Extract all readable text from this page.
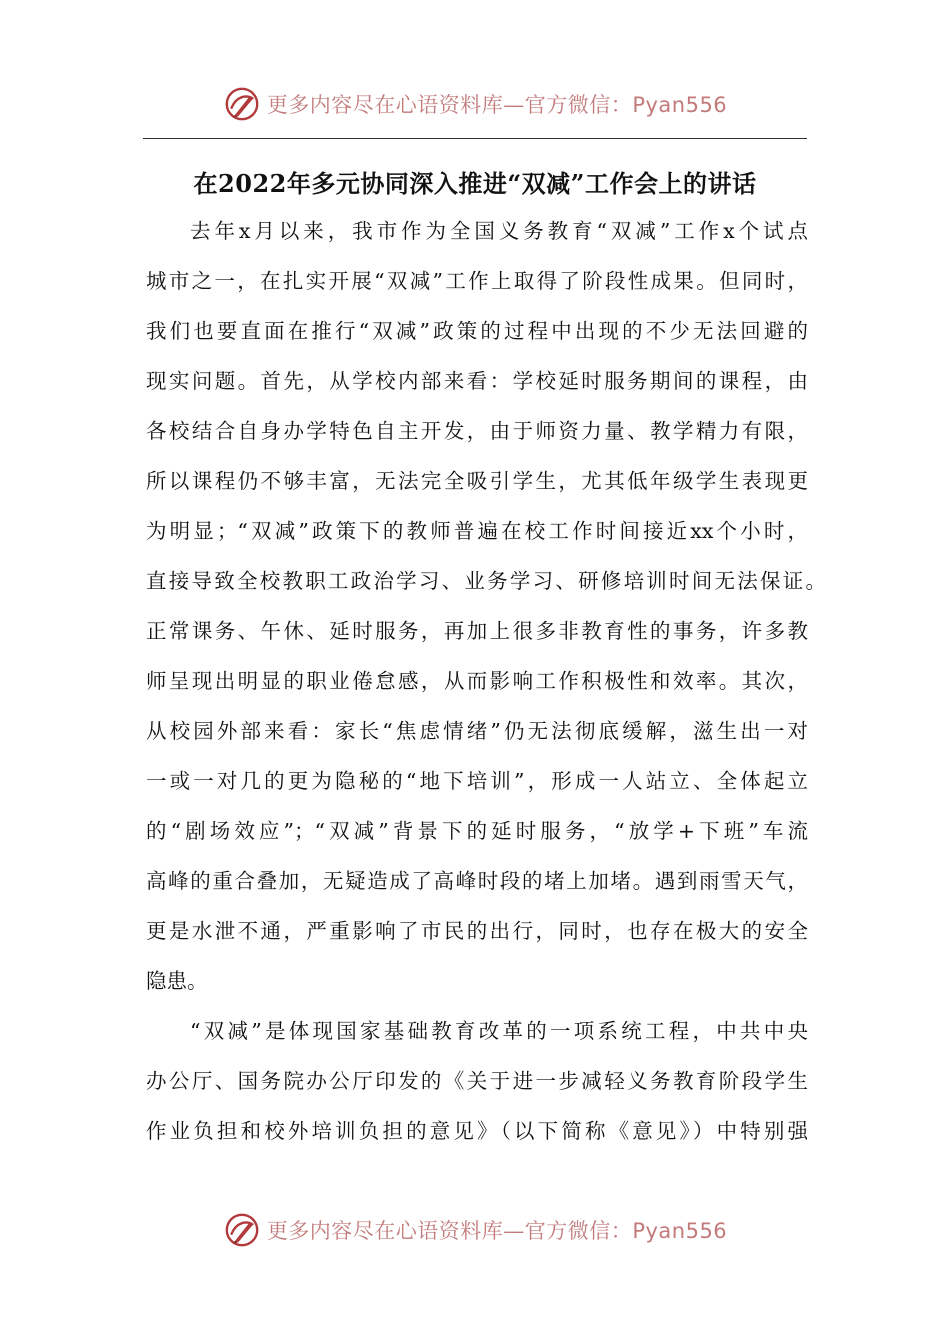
更多内容尽在心语资料库—官方微信：Pyan556
在2022年多元协同深入推进“双减”工作会上的讲话
去年x月以来，我市作为全国义务教育“双减”工作x个试点
城市之一，在扎实开展“双减”工作上取得了阶段性成果。但同时，
我们也要直面在推行“双减”政策的过程中出现的不少无法回避的
现实问题。首先，从学校内部来看：学校延时服务期间的课程，由
各校结合自身办学特色自主开发，由于师资力量、教学精力有限，
所以课程仍不够丰富，无法完全吸引学生，尤其低年级学生表现更
为明显；“双减”政策下的教师普遍在校工作时间接近xx个小时，
直接导致全校教职工政治学习、业务学习、研修培训时间无法保证。
正常课务、午休、延时服务，再加上很多非教育性的事务，许多教
师呈现出明显的职业倦怠感，从而影响工作积极性和效率。其次，
从校园外部来看：家长“焦虑情绪”仍无法彻底缓解，滋生出一对
一或一对几的更为隐秘的“地下培训”，形成一人站立、全体起立
的“剧场效应”；“双减”背景下的延时服务，“放学+下班”车流
高峰的重合叠加，无疑造成了高峰时段的堵上加堵。遇到雨雪天气，
更是水泄不通，严重影响了市民的出行，同时，也存在极大的安全
隐患。
“双减”是体现国家基础教育改革的一项系统工程，中共中央
办公厅、国务院办公厅印发的《关于进一步减轻义务教育阶段学生
作业负担和校外培训负担的意见》（以下简称《意见》）中特别强
更多内容尽在心语资料库—官方微信：Pyan556
